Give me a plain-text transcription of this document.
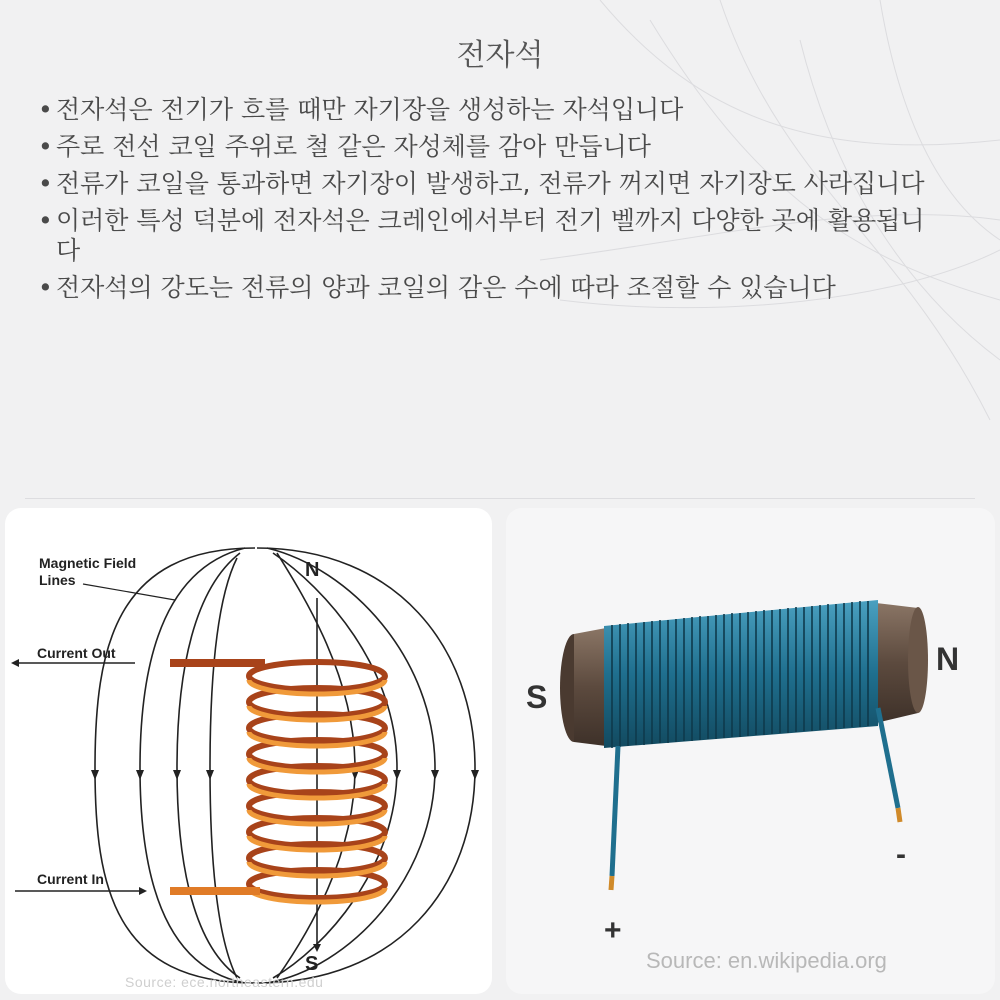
전자석
• 전자석은 전기가 흐를 때만 자기장을 생성하는 자석입니다
• 주로 전선 코일 주위로 철 같은 자성체를 감아 만듭니다
• 전류가 코일을 통과하면 자기장이 발생하고, 전류가 꺼지면 자기장도 사라집니다
• 이러한 특성 덕분에 전자석은 크레인에서부터 전기 벨까지 다양한 곳에 활용됩니다
• 전자석의 강도는 전류의 양과 코일의 감은 수에 따라 조절할 수 있습니다
Magnetic Field
Lines
Current Out
Current In
N
S
Source: ece.northeastern.edu
S
N
+
-
Source: en.wikipedia.org
